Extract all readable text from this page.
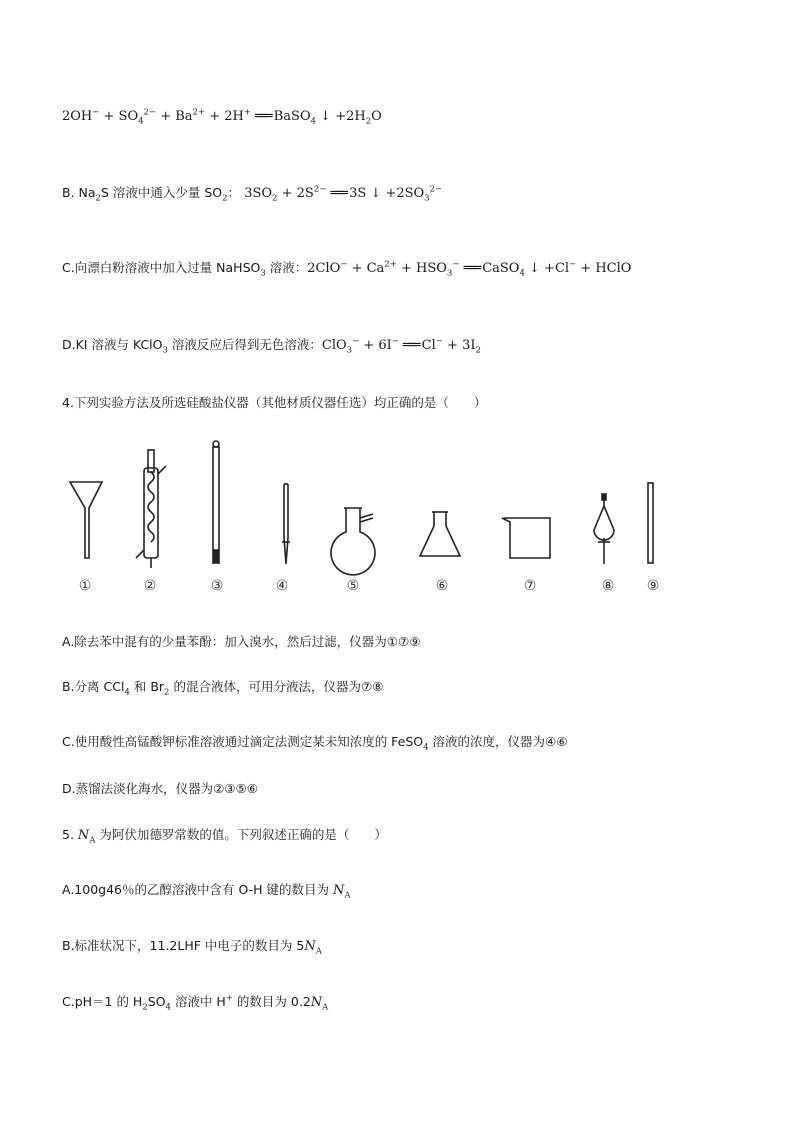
$2OH^- + SO_4^{2-} + Ba^{2+} + 2H^+$ ═══ BaSO$_4$ ↓ $+2H_2O$
B. $Na_2S$ 溶液中通入少量 $SO_2$： $3SO_2 + 2S^{2-}$ ═══ 3S ↓ $+2SO_3^{2-}$
C.向漂白粉溶液中加入过量 NaHSO$_3$ 溶液：$2ClO^- + Ca^{2+} + HSO_3^-$ ═══ CaSO$_4$ ↓ +Cl− + HClO
D.KI 溶液与 KClO$_3$ 溶液反应后得到无色溶液：ClO$_3$− + 6I− ═══ $Cl^- + 3I_2$
4.下列实验方法及所选硅酸盐仪器（其他材质仪器任选）均正确的是（　　）
①	②	③	④	⑤	⑥	⑦	⑧	⑨
A.除去苯中混有的少量苯酚：加入溴水，然后过滤，仪器为①⑦⑨
B.分离 CCl$_4$ 和 $Br_2$ 的混合液体，可用分液法，仪器为⑦⑧
C.使用酸性高锰酸钾标准溶液通过滴定法测定某未知浓度的 FeSO$_4$ 溶液的浓度，仪器为④⑥
D.蒸馏法淡化海水，仪器为②③⑤⑥
5. $N_A$ 为阿伏加德罗常数的值。下列叙述正确的是（　　）
A.100g46％的乙醇溶液中含有 O-H 键的数目为 $N_A$
B.标准状况下，11.2LHF 中电子的数目为 $5N_A$
C.pH＝1 的 $H_2SO_4$ 溶液中 H+ 的数目为 $0.2N_A$
